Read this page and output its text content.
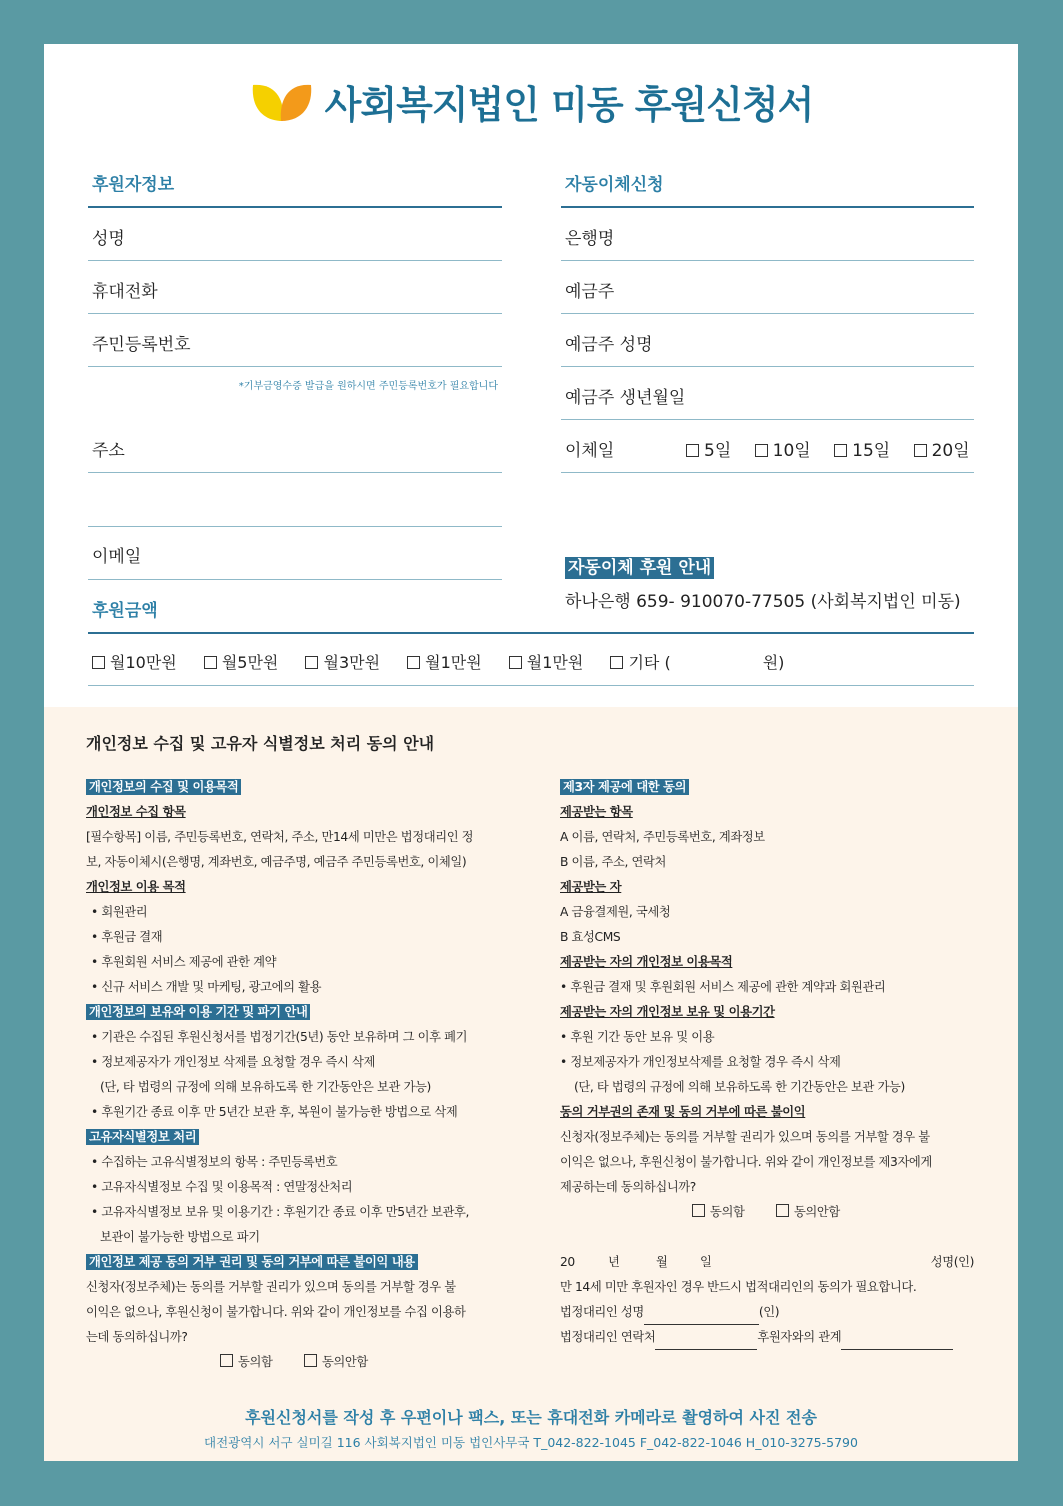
사회복지법인 미동 후원신청서
후원자정보
성명
휴대전화
주민등록번호
*기부금영수증 발급을 원하시면 주민등록번호가 필요합니다
주소
이메일
후원금액
자동이체신청
은행명
예금주
예금주 성명
예금주 생년월일
이체일	5일 10일 15일 20일
자동이체 후원 안내
하나은행 659- 910070-77505 (사회복지법인 미동)
월10만원	월5만원	월3만원	월1만원	월1만원	기타 (	원)
개인정보 수집 및 고유자 식별정보 처리 동의 안내
개인정보의 수집 및 이용목적
개인정보 수집 항목
[필수항목] 이름, 주민등록번호, 연락처, 주소, 만14세 미만은 법정대리인 정
보, 자동이체시(은행명, 계좌번호, 예금주명, 예금주 주민등록번호, 이체일)
개인정보 이용 목적
• 회원관리
• 후원금 결재
• 후원회원 서비스 제공에 관한 계약
• 신규 서비스 개발 및 마케팅, 광고에의 활용
개인정보의 보유와 이용 기간 및 파기 안내
• 기관은 수집된 후원신청서를 법정기간(5년) 동안 보유하며 그 이후 폐기
• 정보제공자가 개인정보 삭제를 요청할 경우 즉시 삭제
(단, 타 법령의 규정에 의해 보유하도록 한 기간동안은 보관 가능)
• 후원기간 종료 이후 만 5년간 보관 후, 복원이 불가능한 방법으로 삭제
고유자식별정보 처리
• 수집하는 고유식별정보의 항목 : 주민등록번호
• 고유자식별정보 수집 및 이용목적 : 연말정산처리
• 고유자식별정보 보유 및 이용기간 : 후원기간 종료 이후 만5년간 보관후,
보관이 불가능한 방법으로 파기
개인정보 제공 동의 거부 권리 및 동의 거부에 따른 불이익 내용
신청자(정보주체)는 동의를 거부할 권리가 있으며 동의를 거부할 경우 불
이익은 없으나, 후원신청이 불가합니다. 위와 같이 개인정보를 수집 이용하
는데 동의하십니까?
동의함	동의안함
제3자 제공에 대한 동의
제공받는 항목
A 이름, 연락처, 주민등록번호, 계좌정보
B 이름, 주소, 연락처
제공받는 자
A 금융결제원, 국세청
B 효성CMS
제공받는 자의 개인정보 이용목적
• 후원금 결재 및 후원회원 서비스 제공에 관한 계약과 회원관리
제공받는 자의 개인정보 보유 및 이용기간
• 후원 기간 동안 보유 및 이용
• 정보제공자가 개인정보삭제를 요청할 경우 즉시 삭제
(단, 타 법령의 규정에 의해 보유하도록 한 기간동안은 보관 가능)
동의 거부권의 존재 및 동의 거부에 따른 불이익
신청자(정보주체)는 동의를 거부할 권리가 있으며 동의를 거부할 경우 불
이익은 없으나, 후원신청이 불가합니다. 위와 같이 개인정보를 제3자에게
제공하는데 동의하십니까?
동의함	동의안함
20	년	월	일	성명(인)
만 14세 미만 후원자인 경우 반드시 법적대리인의 동의가 필요합니다.
법정대리인 성명	(인)
법정대리인 연락처	후원자와의 관계
후원신청서를 작성 후 우편이나 팩스, 또는 휴대전화 카메라로 촬영하여 사진 전송
대전광역시 서구 실미길 116 사회복지법인 미동 법인사무국 T_042-822-1045 F_042-822-1046 H_010-3275-5790
